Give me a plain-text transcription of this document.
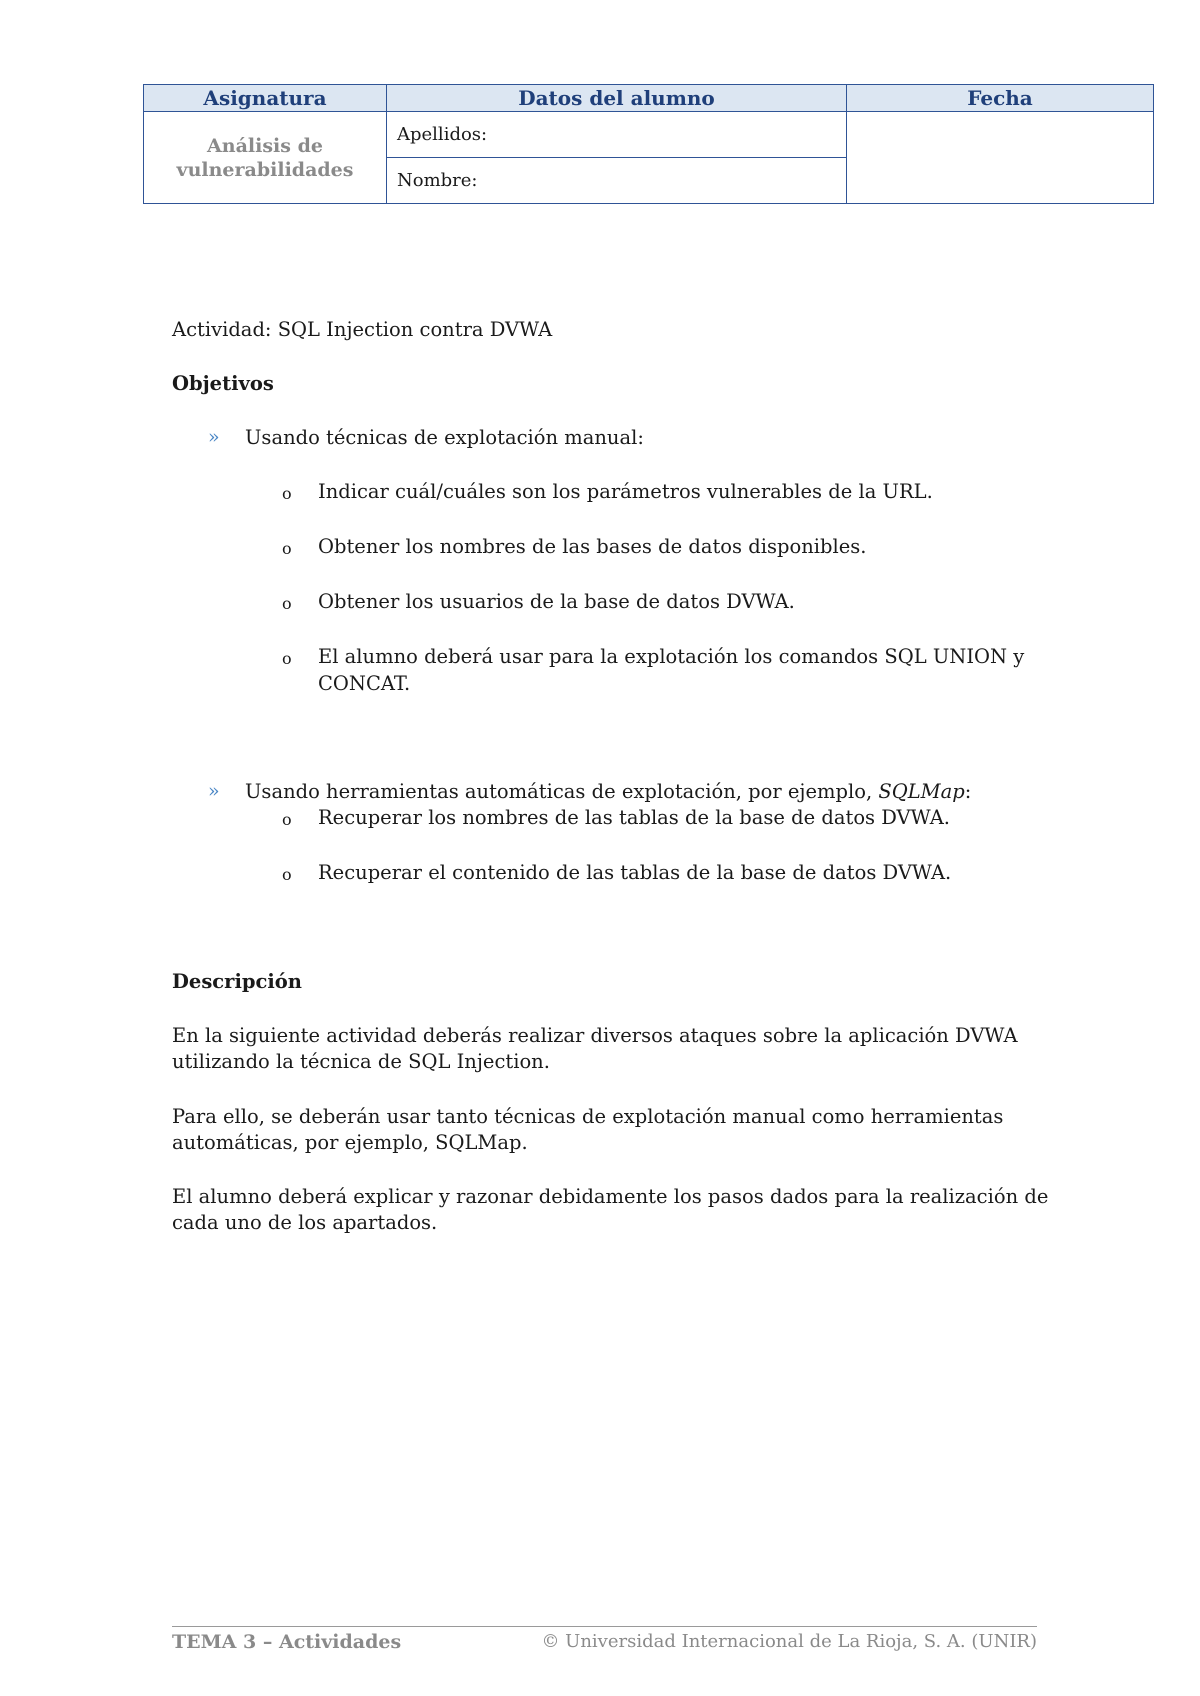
Asignatura	Datos del alumno	Fecha

Análisis de
vulnerabilidades	Apellidos:	
	Nombre:	
Actividad: SQL Injection contra DVWA
Objetivos
» Usando técnicas de explotación manual:
o Indicar cuál/cuáles son los parámetros vulnerables de la URL.
o Obtener los nombres de las bases de datos disponibles.
o Obtener los usuarios de la base de datos DVWA.
o El alumno deberá usar para la explotación los comandos SQL UNION y
CONCAT.
» Usando herramientas automáticas de explotación, por ejemplo, SQLMap:
o Recuperar los nombres de las tablas de la base de datos DVWA.
o Recuperar el contenido de las tablas de la base de datos DVWA.
Descripción
En la siguiente actividad deberás realizar diversos ataques sobre la aplicación DVWA
utilizando la técnica de SQL Injection.
Para ello, se deberán usar tanto técnicas de explotación manual como herramientas
automáticas, por ejemplo, SQLMap.
El alumno deberá explicar y razonar debidamente los pasos dados para la realización de
cada uno de los apartados.
TEMA 3 – Actividades	© Universidad Internacional de La Rioja, S. A. (UNIR)
